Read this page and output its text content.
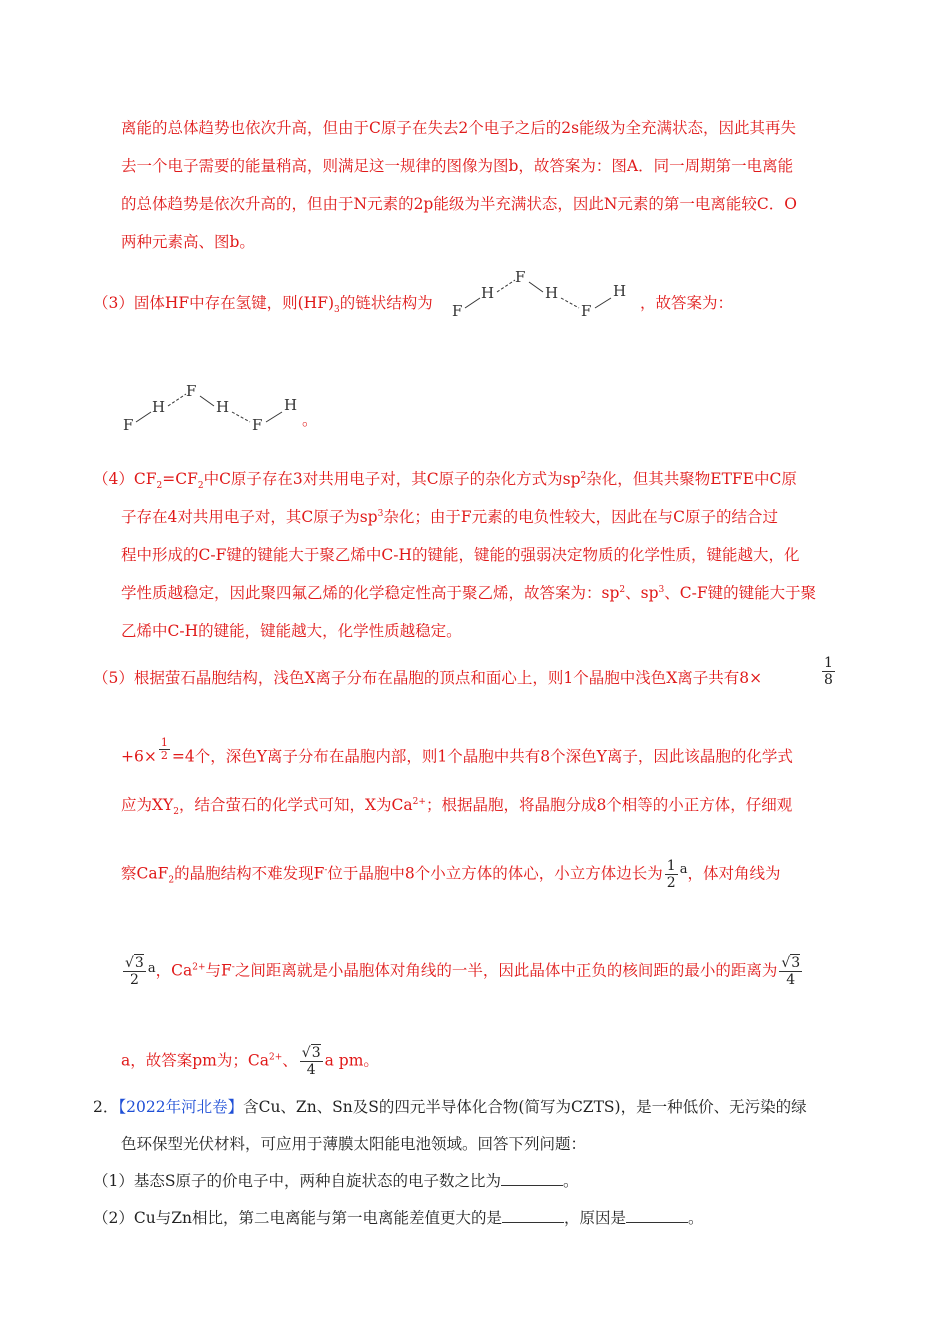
离能的总体趋势也依次升高，但由于C原子在失去2个电子之后的2s能级为全充满状态，因此其再失
去一个电子需要的能量稍高，则满足这一规律的图像为图b，故答案为：图A．同一周期第一电离能
的总体趋势是依次升高的，但由于N元素的2p能级为半充满状态，因此N元素的第一电离能较C．O
两种元素高、图b。
（3）固体HF中存在氢键，则$(HF)_3$的链状结构为 F
H
F
H
F
H
，故答案为：
F
H
F
H
F
H
。
$(4)CF_2=CF_2$中C原子存在3对共用电子对，其C原子的杂化方式为$sp^2$杂化，但其共聚物ETFE中C原
子存在4对共用电子对，其C原子为$sp^3$杂化；由于F元素的电负性较大，因此在与C原子的结合过
程中形成的C-F键的键能大于聚乙烯中C-H的键能，键能的强弱决定物质的化学性质，键能越大，化
学性质越稳定，因此聚四氟乙烯的化学稳定性高于聚乙烯，故答案为：$sp^2$、$sp^3$、C-F键的键能大于聚
乙烯中C-H的键能，键能越大，化学性质越稳定。
（5）根据萤石晶胞结构，浅色X离子分布在晶胞的顶点和面心上，则1个晶胞中浅色X离子共有8×	$\frac{1}{8}$
$+6\times \frac{1}{2} =4$个，深色Y离子分布在晶胞内部，则1个晶胞中共有8个深色Y离子，因此该晶胞的化学式
应为$XY_2$，结合萤石的化学式可知，X为$Ca^{2+}$；根据晶胞，将晶胞分成8个相等的小正方体，仔细观
察CaF$_2$的晶胞结构不难发现F-位于晶胞中8个小立方体的体心，小立方体边长为 $\frac{1}{2} ^a$，体对角线为
$\frac{√3}{2} ^a$，$Ca^{2+}$与F-之间距离就是小晶胞体对角线的一半，因此晶体中正负的核间距的最小的距离为 $\frac{√3}{4}$
a，故答案pm为；$Ca^{2+}$、 $\frac{√3}{4}$ a pm。
2．【2022年河北卷】含Cu、Zn、Sn及S的四元半导体化合物(简写为CZTS)，是一种低价、无污染的绿
色环保型光伏材料，可应用于薄膜太阳能电池领域。回答下列问题：
（1）基态S原子的价电子中，两种自旋状态的电子数之比为	。
（2）Cu与Zn相比，第二电离能与第一电离能差值更大的是	，原因是	。
